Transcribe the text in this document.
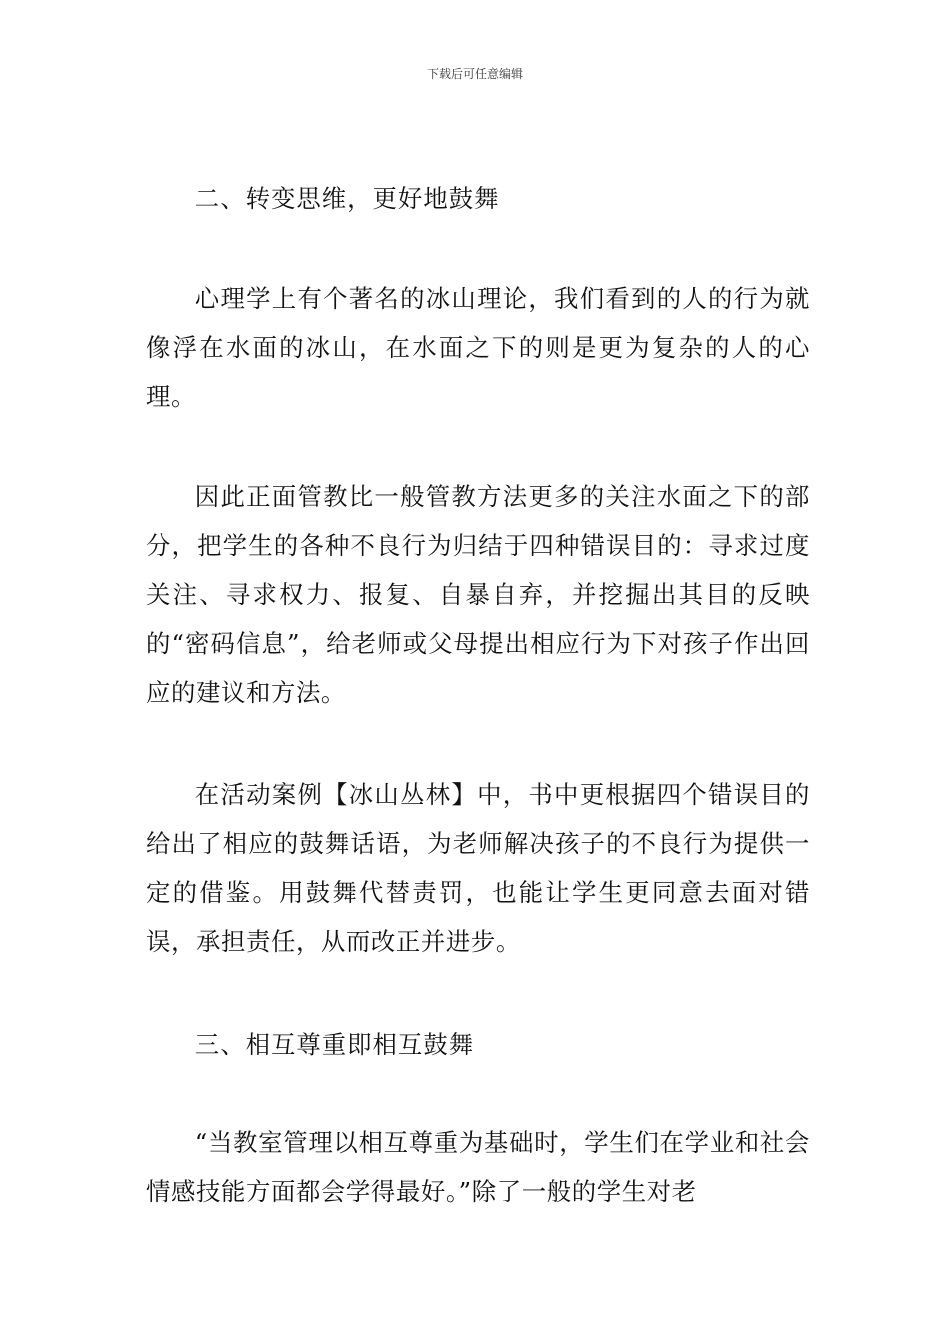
下载后可任意编辑

二、转变思维，更好地鼓舞

心理学上有个著名的冰山理论，我们看到的人的行为就像浮在水面的冰山，在水面之下的则是更为复杂的人的心理。

因此正面管教比一般管教方法更多的关注水面之下的部分，把学生的各种不良行为归结于四种错误目的：寻求过度关注、寻求权力、报复、自暴自弃，并挖掘出其目的反映的“密码信息”，给老师或父母提出相应行为下对孩子作出回应的建议和方法。

在活动案例【冰山丛林】中，书中更根据四个错误目的给出了相应的鼓舞话语，为老师解决孩子的不良行为提供一定的借鉴。用鼓舞代替责罚，也能让学生更同意去面对错误，承担责任，从而改正并进步。

三、相互尊重即相互鼓舞

“当教室管理以相互尊重为基础时，学生们在学业和社会情感技能方面都会学得最好。”除了一般的学生对老
